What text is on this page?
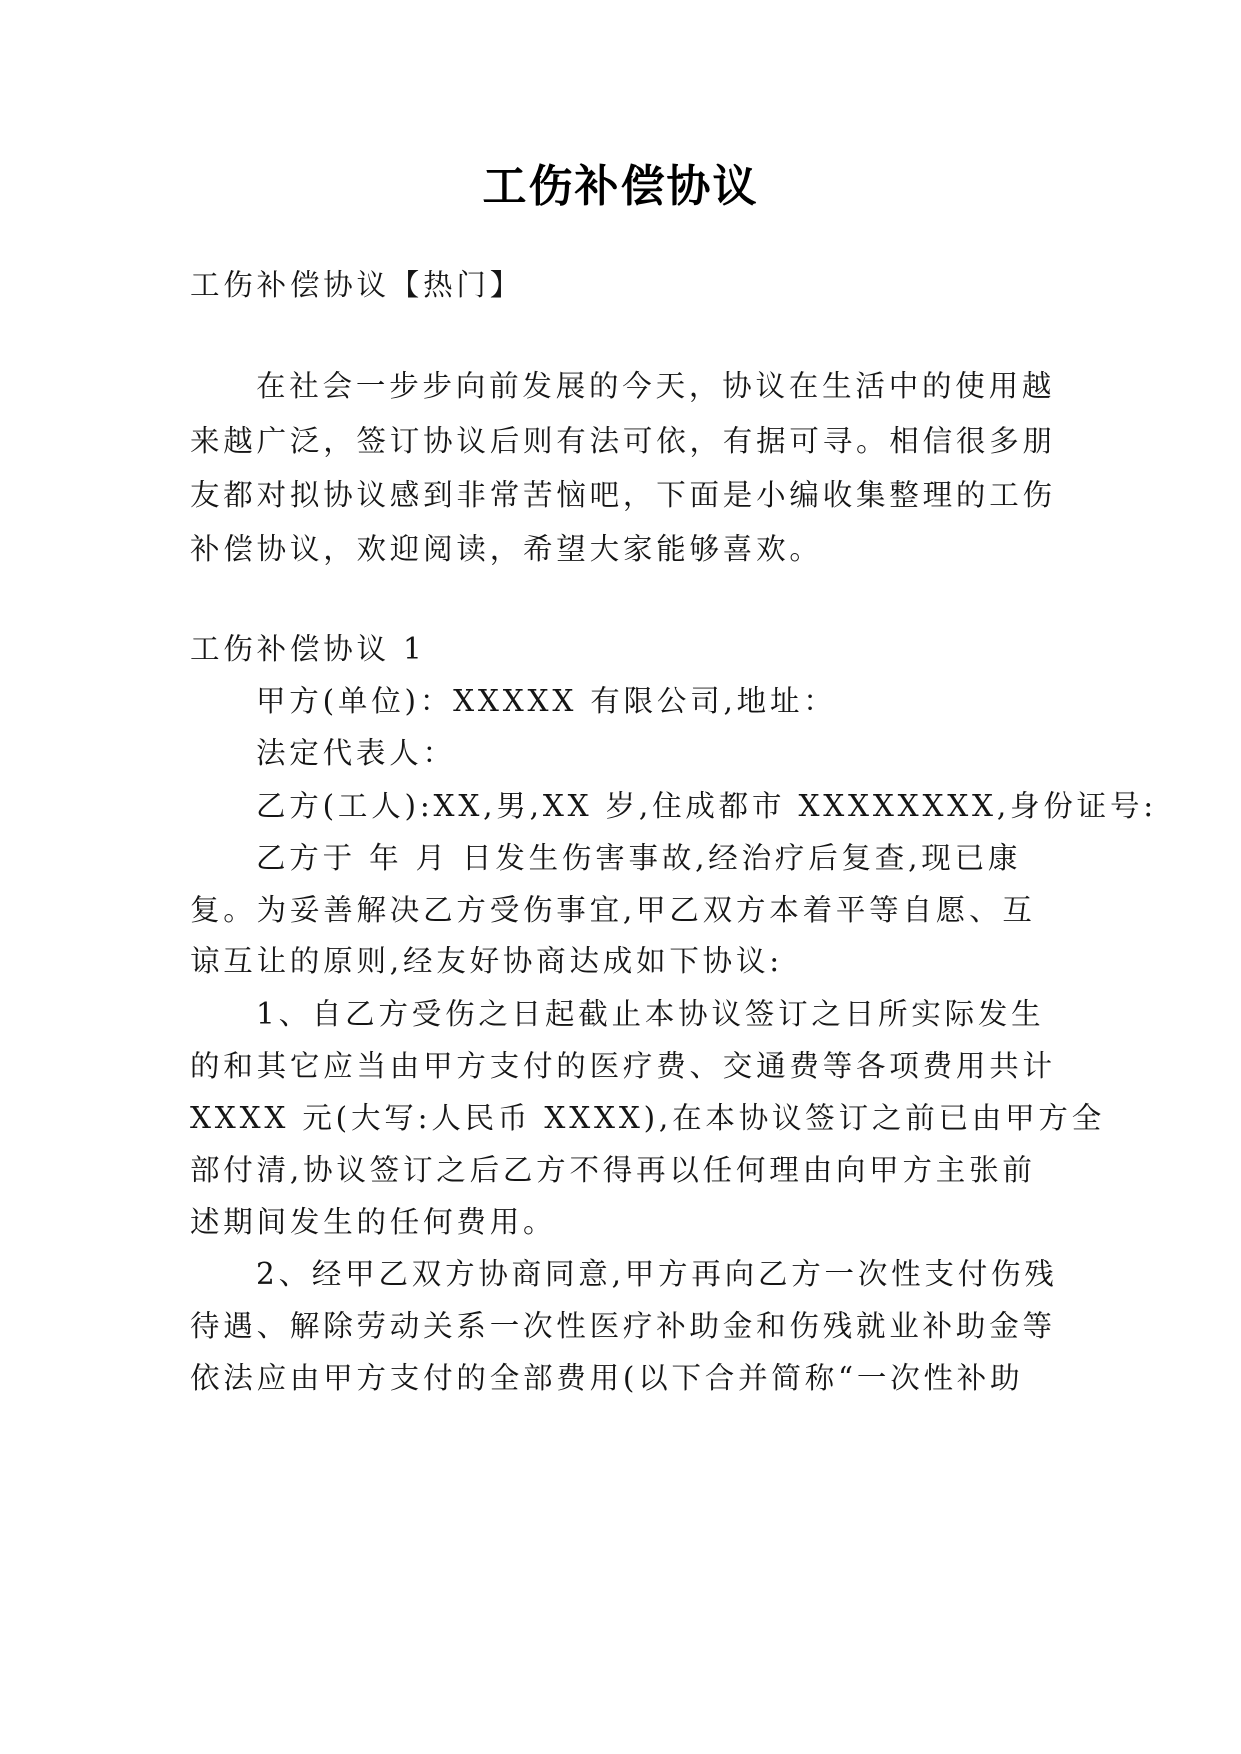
工伤补偿协议
工伤补偿协议【热门】
在社会一步步向前发展的今天，协议在生活中的使用越
来越广泛，签订协议后则有法可依，有据可寻。相信很多朋
友都对拟协议感到非常苦恼吧，下面是小编收集整理的工伤
补偿协议，欢迎阅读，希望大家能够喜欢。
工伤补偿协议 1
甲方(单位)：XXXXX 有限公司,地址：
法定代表人：
乙方(工人):XX,男,XX 岁,住成都市 XXXXXXXX,身份证号:
乙方于 年 月 日发生伤害事故,经治疗后复查,现已康
复。为妥善解决乙方受伤事宜,甲乙双方本着平等自愿、互
谅互让的原则,经友好协商达成如下协议:
1、自乙方受伤之日起截止本协议签订之日所实际发生
的和其它应当由甲方支付的医疗费、交通费等各项费用共计
XXXX 元(大写:人民币 XXXX),在本协议签订之前已由甲方全
部付清,协议签订之后乙方不得再以任何理由向甲方主张前
述期间发生的任何费用。
2、经甲乙双方协商同意,甲方再向乙方一次性支付伤残
待遇、解除劳动关系一次性医疗补助金和伤残就业补助金等
依法应由甲方支付的全部费用(以下合并简称“一次性补助
